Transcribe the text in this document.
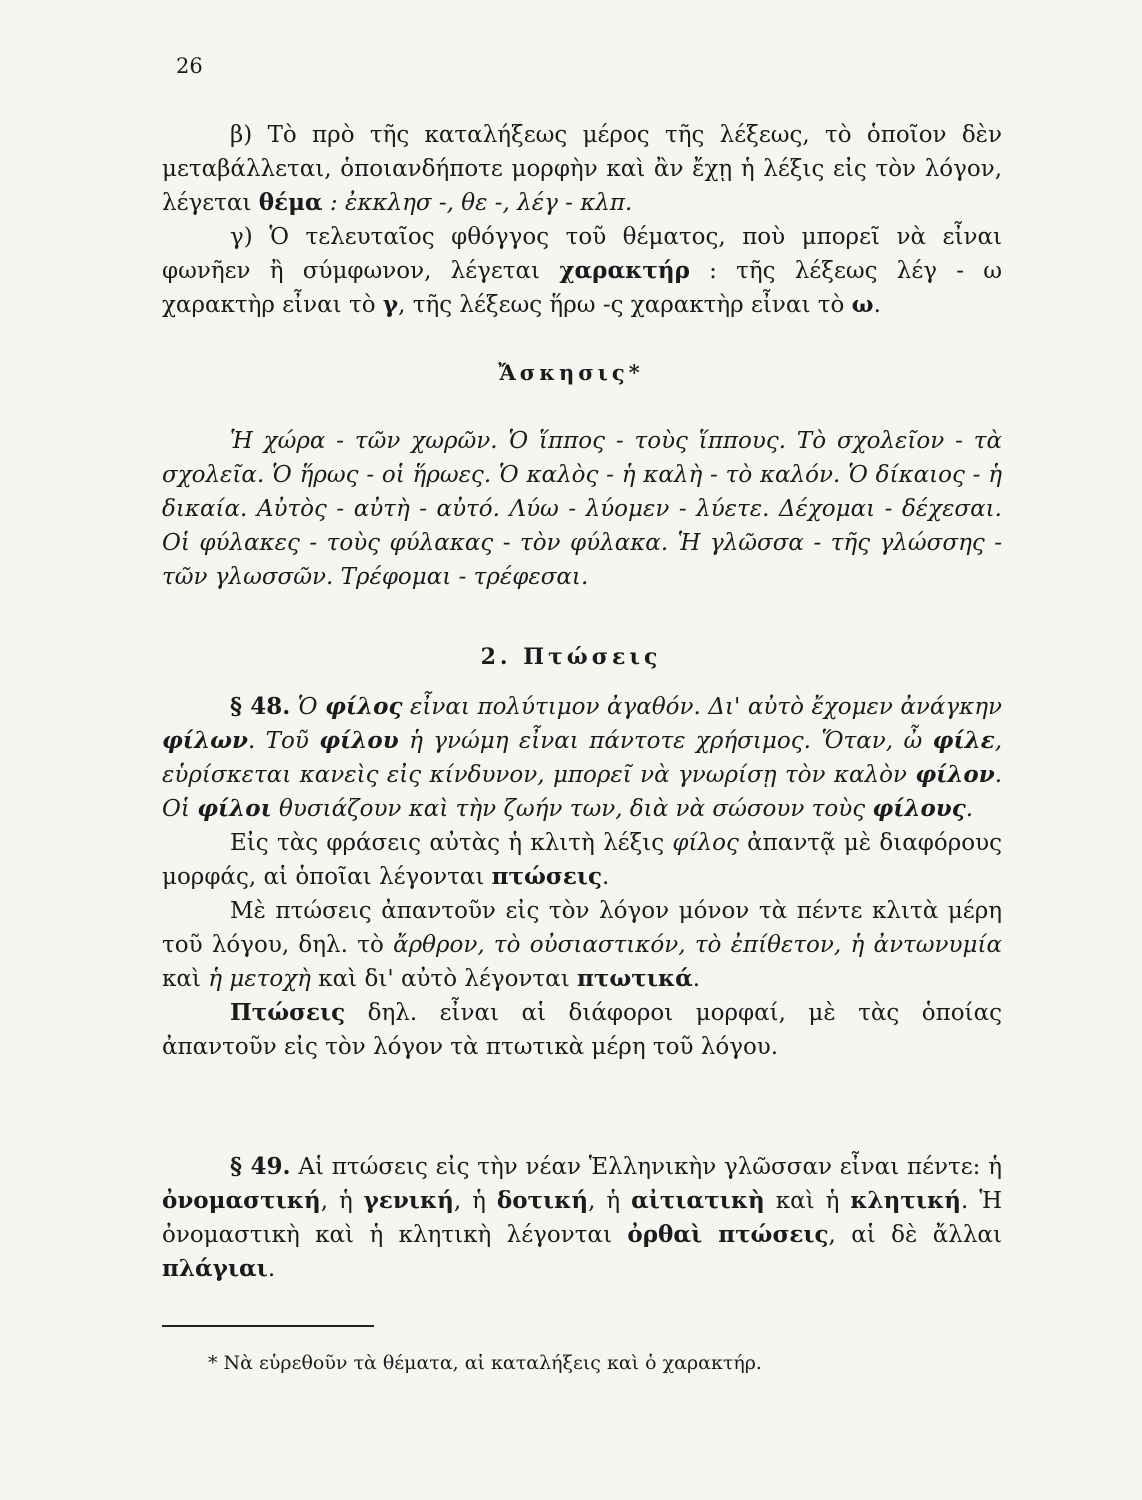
26

β) Τὸ πρὸ τῆς καταλήξεως μέρος τῆς λέξεως, τὸ ὁποῖον δὲν μεταβάλλεται, ὁποιανδήποτε μορφὴν καὶ ἂν ἔχῃ ἡ λέξις εἰς τὸν λόγον, λέγεται θέμα : ἐκκλησ -, θε -, λέγ - κλπ.

γ) Ὁ τελευταῖος φθόγγος τοῦ θέματος, ποὺ μπορεῖ νὰ εἶναι φωνῆεν ἢ σύμφωνον, λέγεται χαρακτήρ : τῆς λέξεως λέγ - ω χαρακτὴρ εἶναι τὸ γ, τῆς λέξεως ἥρω -ς χαρακτὴρ εἶναι τὸ ω.

Ἄσκησις*

Ἡ χώρα - τῶν χωρῶν. Ὁ ἵππος - τοὺς ἵππους. Τὸ σχολεῖον - τὰ σχολεῖα. Ὁ ἥρως - οἱ ἥρωες. Ὁ καλὸς - ἡ καλὴ - τὸ καλόν. Ὁ δίκαιος - ἡ δικαία. Αὐτὸς - αὐτὴ - αὐτό. Λύω - λύομεν - λύετε. Δέχομαι - δέχεσαι. Οἱ φύλακες - τοὺς φύλακας - τὸν φύλακα. Ἡ γλῶσσα - τῆς γλώσσης - τῶν γλωσσῶν. Τρέφομαι - τρέφεσαι.

2. Πτώσεις

§ 48. Ὁ φίλος εἶναι πολύτιμον ἀγαθόν. Δι' αὐτὸ ἔχομεν ἀνάγκην φίλων. Τοῦ φίλου ἡ γνώμη εἶναι πάντοτε χρήσιμος. Ὅταν, ὦ φίλε, εὑρίσκεται κανεὶς εἰς κίνδυνον, μπορεῖ νὰ γνωρίσῃ τὸν καλὸν φίλον. Οἱ φίλοι θυσιάζουν καὶ τὴν ζωήν των, διὰ νὰ σώσουν τοὺς φίλους.

Εἰς τὰς φράσεις αὐτὰς ἡ κλιτὴ λέξις φίλος ἀπαντᾷ μὲ διαφόρους μορφάς, αἱ ὁποῖαι λέγονται πτώσεις.

Μὲ πτώσεις ἀπαντοῦν εἰς τὸν λόγον μόνον τὰ πέντε κλιτὰ μέρη τοῦ λόγου, δηλ. τὸ ἄρθρον, τὸ οὐσιαστικόν, τὸ ἐπίθετον, ἡ ἀντωνυμία καὶ ἡ μετοχὴ καὶ δι' αὐτὸ λέγονται πτωτικά.

Πτώσεις δηλ. εἶναι αἱ διάφοροι μορφαί, μὲ τὰς ὁποίας ἀπαντοῦν εἰς τὸν λόγον τὰ πτωτικὰ μέρη τοῦ λόγου.

§ 49. Αἱ πτώσεις εἰς τὴν νέαν Ἑλληνικὴν γλῶσσαν εἶναι πέντε: ἡ ὀνομαστική, ἡ γενική, ἡ δοτική, ἡ αἰτιατικὴ καὶ ἡ κλητική. Ἡ ὀνομαστικὴ καὶ ἡ κλητικὴ λέγονται ὀρθαὶ πτώσεις, αἱ δὲ ἄλλαι πλάγιαι.

* Νὰ εὑρεθοῦν τὰ θέματα, αἱ καταλήξεις καὶ ὁ χαρακτήρ.
